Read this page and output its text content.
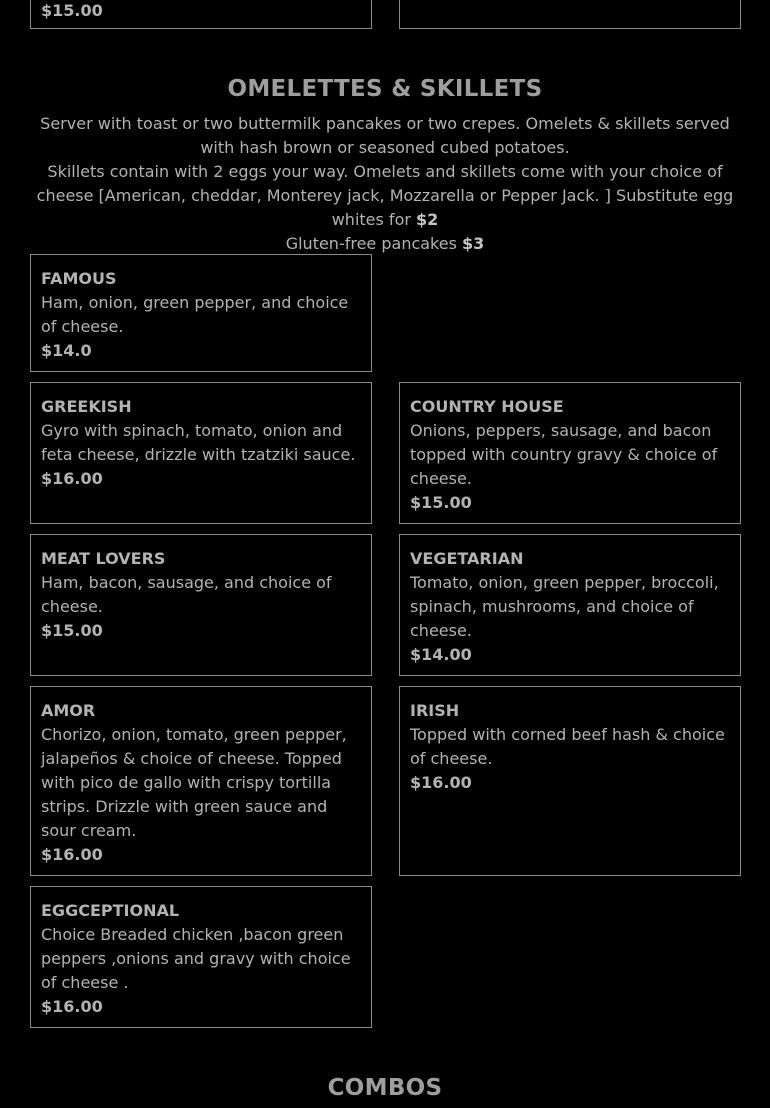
$15.00
OMELETTES & SKILLETS

Server with toast or two buttermilk pancakes or two crepes. Omelets & skillets served with hash brown or seasoned cubed potatoes.

Skillets contain with 2 eggs your way. Omelets and skillets come with your choice of cheese [American, cheddar, Monterey jack, Mozzarella or Pepper Jack. ] Substitute egg whites for $2

Gluten-free pancakes $3

FAMOUS
Ham, onion, green pepper, and choice of cheese.
$14.0
GREEKISH
Gyro with spinach, tomato, onion and feta cheese, drizzle with tzatziki sauce.
$16.00
COUNTRY HOUSE
Onions, peppers, sausage, and bacon topped with country gravy & choice of cheese.
$15.00
MEAT LOVERS
Ham, bacon, sausage, and choice of cheese.
$15.00
VEGETARIAN
Tomato, onion, green pepper, broccoli, spinach, mushrooms, and choice of cheese.
$14.00
AMOR
Chorizo, onion, tomato, green pepper, jalapeños & choice of cheese. Topped with pico de gallo with crispy tortilla strips. Drizzle with green sauce and sour cream.
$16.00
IRISH
Topped with corned beef hash & choice of cheese.
$16.00
EGGCEPTIONAL
Choice Breaded chicken ,bacon green peppers ,onions and gravy with choice of cheese .
$16.00
COMBOS
